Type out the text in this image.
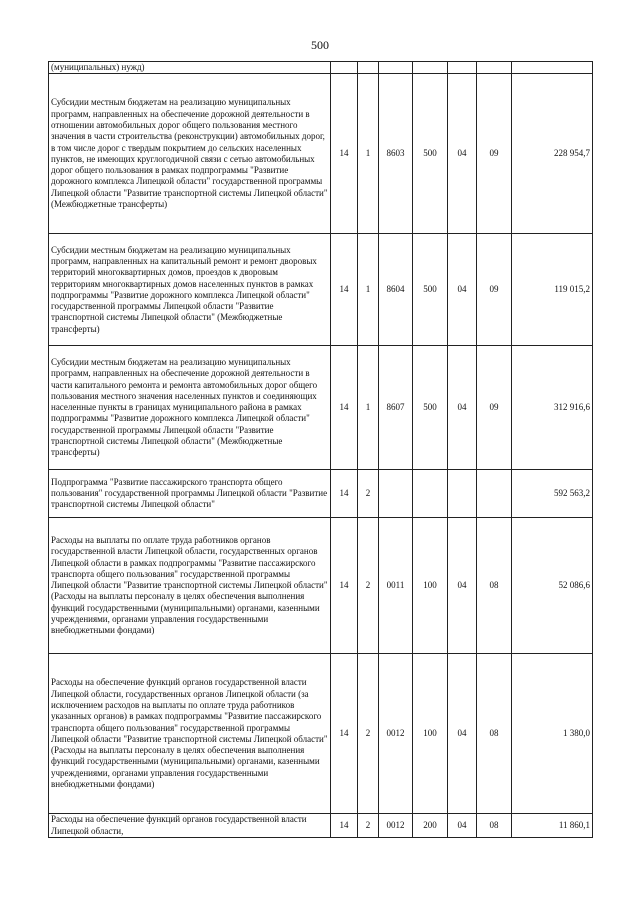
500
(муниципальных) нужд)							
Субсидии местным бюджетам на реализацию муниципальных программ, направленных на обеспечение дорожной деятельности в отношении автомобильных дорог общего пользования местного значения в части строительства (реконструкции) автомобильных дорог, в том числе дорог с твердым покрытием до сельских населенных пунктов, не имеющих круглогодичной связи с сетью автомобильных дорог общего пользования в рамках подпрограммы "Развитие дорожного комплекса Липецкой области" государственной программы Липецкой области "Развитие транспортной системы Липецкой области" (Межбюджетные трансферты)	14	1	8603	500	04	09	228 954,7
Субсидии местным бюджетам на реализацию муниципальных программ, направленных на капитальный ремонт и ремонт дворовых территорий многоквартирных домов, проездов к дворовым территориям многоквартирных домов населенных пунктов в рамках подпрограммы "Развитие дорожного комплекса Липецкой области" государственной программы Липецкой области "Развитие транспортной системы Липецкой области" (Межбюджетные трансферты)	14	1	8604	500	04	09	119 015,2
Субсидии местным бюджетам на реализацию муниципальных программ, направленных на обеспечение дорожной деятельности в части капитального ремонта и ремонта автомобильных дорог общего пользования местного значения населенных пунктов и соединяющих населенные пункты в границах муниципального района в рамках подпрограммы "Развитие дорожного комплекса Липецкой области" государственной программы Липецкой области "Развитие транспортной системы Липецкой области" (Межбюджетные трансферты)	14	1	8607	500	04	09	312 916,6
Подпрограмма "Развитие пассажирского транспорта общего пользования" государственной программы Липецкой области "Развитие транспортной системы Липецкой области"	14	2					592 563,2
Расходы на выплаты по оплате труда работников органов государственной власти Липецкой области, государственных органов Липецкой области в рамках подпрограммы "Развитие пассажирского транспорта общего пользования" государственной программы Липецкой области "Развитие транспортной системы Липецкой области" (Расходы на выплаты персоналу в целях обеспечения выполнения функций государственными (муниципальными) органами, казенными учреждениями, органами управления государственными внебюджетными фондами)	14	2	0011	100	04	08	52 086,6
Расходы на обеспечение функций органов государственной власти Липецкой области, государственных органов Липецкой области (за исключением расходов на выплаты по оплате труда работников указанных органов) в рамках подпрограммы "Развитие пассажирского транспорта общего пользования" государственной программы Липецкой области "Развитие транспортной системы Липецкой области" (Расходы на выплаты персоналу в целях обеспечения выполнения функций государственными (муниципальными) органами, казенными учреждениями, органами управления государственными внебюджетными фондами)	14	2	0012	100	04	08	1 380,0
Расходы на обеспечение функций органов государственной власти Липецкой области,	14	2	0012	200	04	08	11 860,1
